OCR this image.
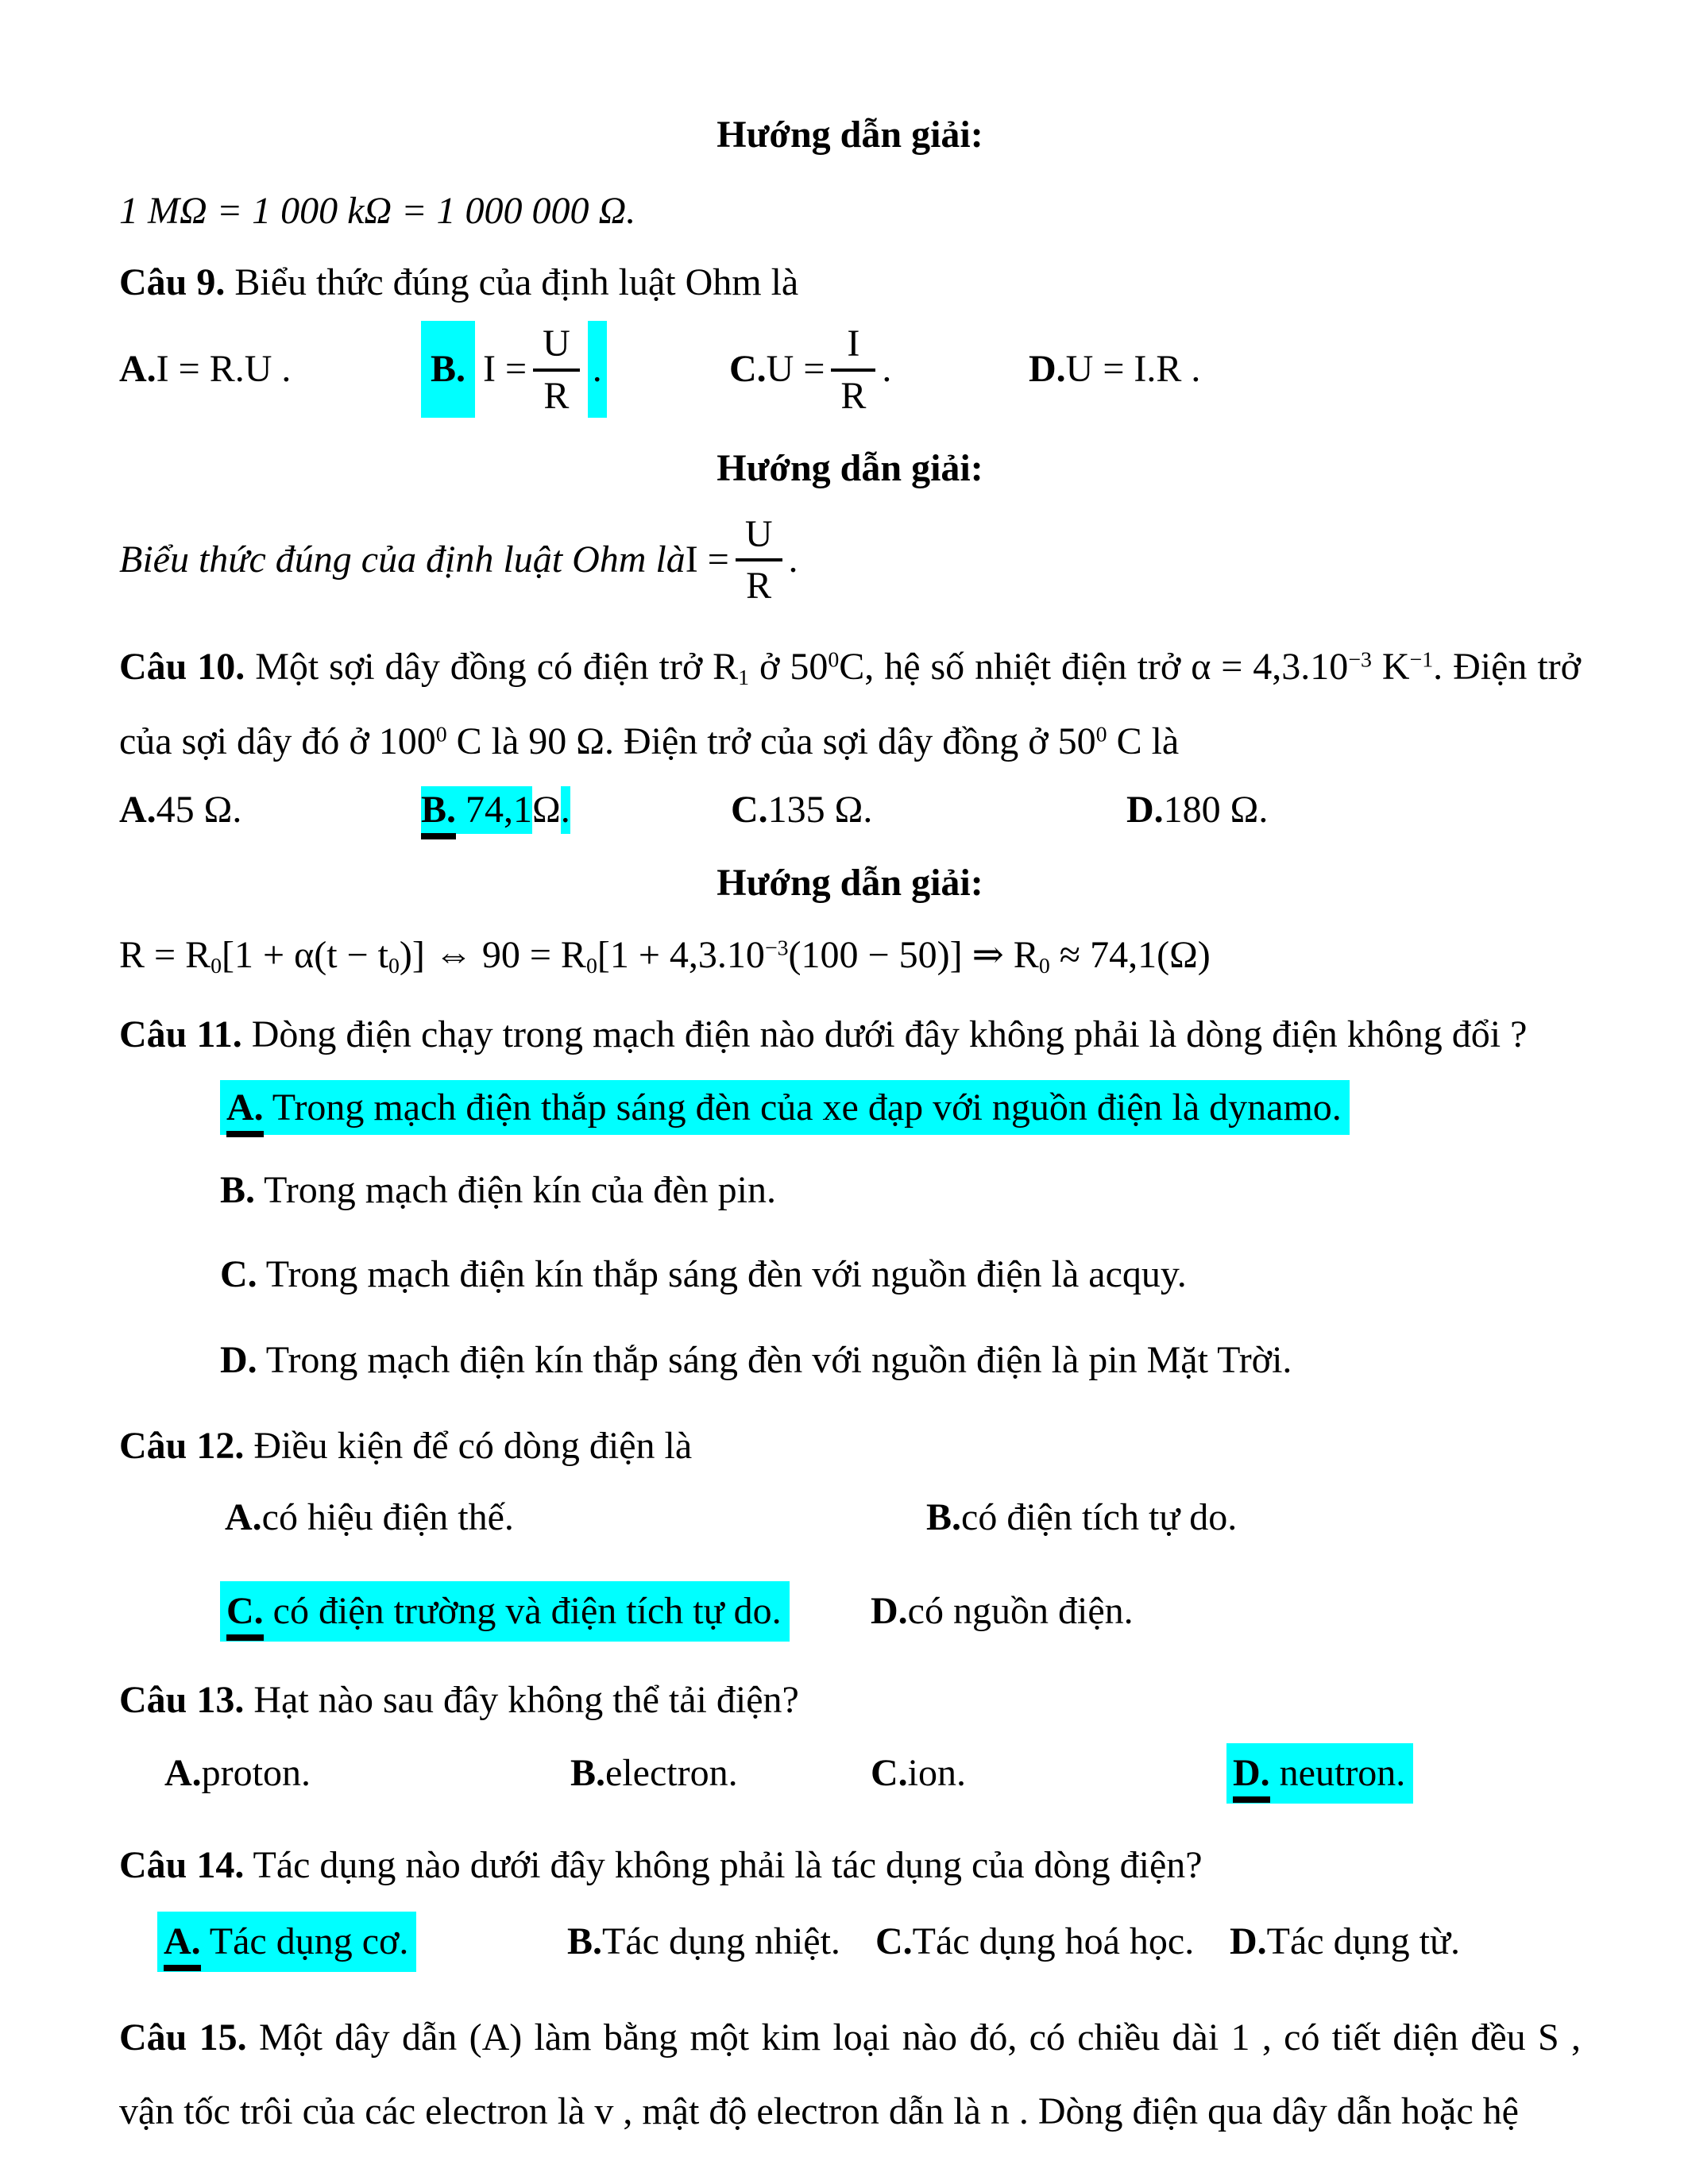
Hướng dẫn giải:
1 MΩ = 1 000 kΩ = 1 000 000 Ω.
Câu 9. Biểu thức đúng của định luật Ohm là
A. I = R.U .	B. $I = \frac{U}{R}$ .	C. $U = \frac{I}{R}$ .	D. U = I.R .
Hướng dẫn giải:
Biểu thức đúng của định luật Ohm là $I = \frac{U}{R}$ .
Câu 10. Một sợi dây đồng có điện trở $R_1$ ở $50^0C$, hệ số nhiệt điện trở $\alpha = 4,3.10^{-3}$ $K^{-1}$. Điện trở của sợi dây đó ở $100^0$ C là 90 Ω. Điện trở của sợi dây đồng ở $50^0$ C là
A. 45 Ω.	B. 74,1 Ω .	C. 135 Ω.	D. 180 Ω.
Hướng dẫn giải:
$R = R_0[1 + \alpha(t - t_0)]$ ⇔ $90 = R_0[1 + 4,3.10^{-3}(100 - 50)]$ ⇒ $R_0 \approx 74,1(\Omega)$
Câu 11. Dòng điện chạy trong mạch điện nào dưới đây không phải là dòng điện không đổi ?
A. Trong mạch điện thắp sáng đèn của xe đạp với nguồn điện là dynamo.
B. Trong mạch điện kín của đèn pin.
C. Trong mạch điện kín thắp sáng đèn với nguồn điện là acquy.
D. Trong mạch điện kín thắp sáng đèn với nguồn điện là pin Mặt Trời.
Câu 12. Điều kiện để có dòng điện là
A. có hiệu điện thế.	B. có điện tích tự do.
C. có điện trường và điện tích tự do. D. có nguồn điện.
Câu 13. Hạt nào sau đây không thể tải điện?
A. proton.	B. electron.	C. ion.	D. neutron.
Câu 14. Tác dụng nào dưới đây không phải là tác dụng của dòng điện?
A. Tác dụng cơ.	B. Tác dụng nhiệt. C. Tác dụng hoá học. D. Tác dụng từ.
Câu 15. Một dây dẫn (A) làm bằng một kim loại nào đó, có chiều dài 1 , có tiết diện đều S , vận tốc trôi của các electron là v , mật độ electron dẫn là n . Dòng điện qua dây dẫn hoặc hệ
